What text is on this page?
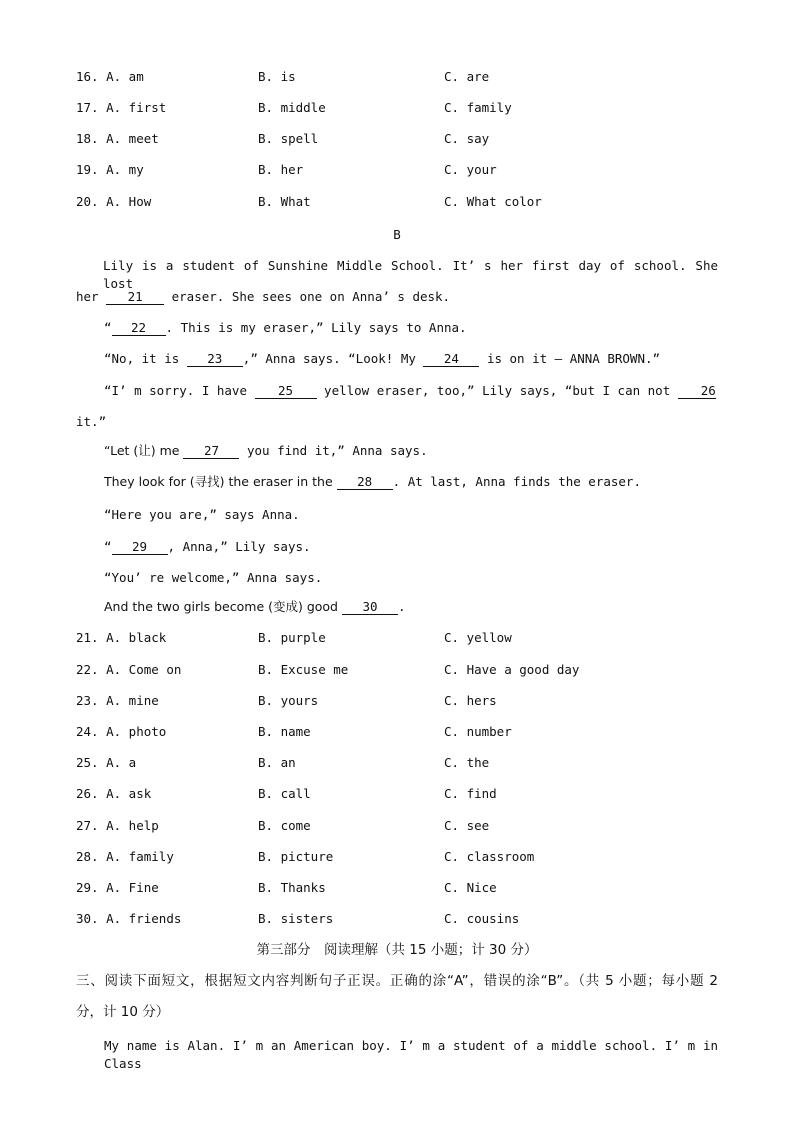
16. A. am	B. is	C. are
17. A. first	B. middle	C. family
18. A. meet	B. spell	C. say
19. A. my	B. her	C. your
20. A. How	B. What	C. What color
B
Lily is a student of Sunshine Middle School. It’ s her first day of school. She lost
her 21 eraser. She sees one on Anna’ s desk.
“ 22 . This is my eraser,” Lily says to Anna.
“No, it is 23 ,” Anna says. “Look! My 24 is on it — ANNA BROWN.”
“I’ m sorry. I have 25 yellow eraser, too,” Lily says, “but I can not 26
it.”
“Let (让) me 27 you find it,” Anna says.
They look for (寻找) the eraser in the 28 . At last, Anna finds the eraser.
“Here you are,” says Anna.
“ 29 , Anna,” Lily says.
“You’ re welcome,” Anna says.
And the two girls become (变成) good 30 .
21. A. black	B. purple	C. yellow
22. A. Come on	B. Excuse me	C. Have a good day
23. A. mine	B. yours	C. hers
24. A. photo	B. name	C. number
25. A. a	B. an	C. the
26. A. ask	B. call	C. find
27. A. help	B. come	C. see
28. A. family	B. picture	C. classroom
29. A. Fine	B. Thanks	C. Nice
30. A. friends	B. sisters	C. cousins
第三部分　阅读理解（共 15 小题；计 30 分）
三、阅读下面短文，根据短文内容判断句子正误。正确的涂“A”，错误的涂“B”。（共 5 小题；每小题 2
分，计 10 分）
My name is Alan. I’ m an American boy. I’ m a student of a middle school. I’ m in Class
